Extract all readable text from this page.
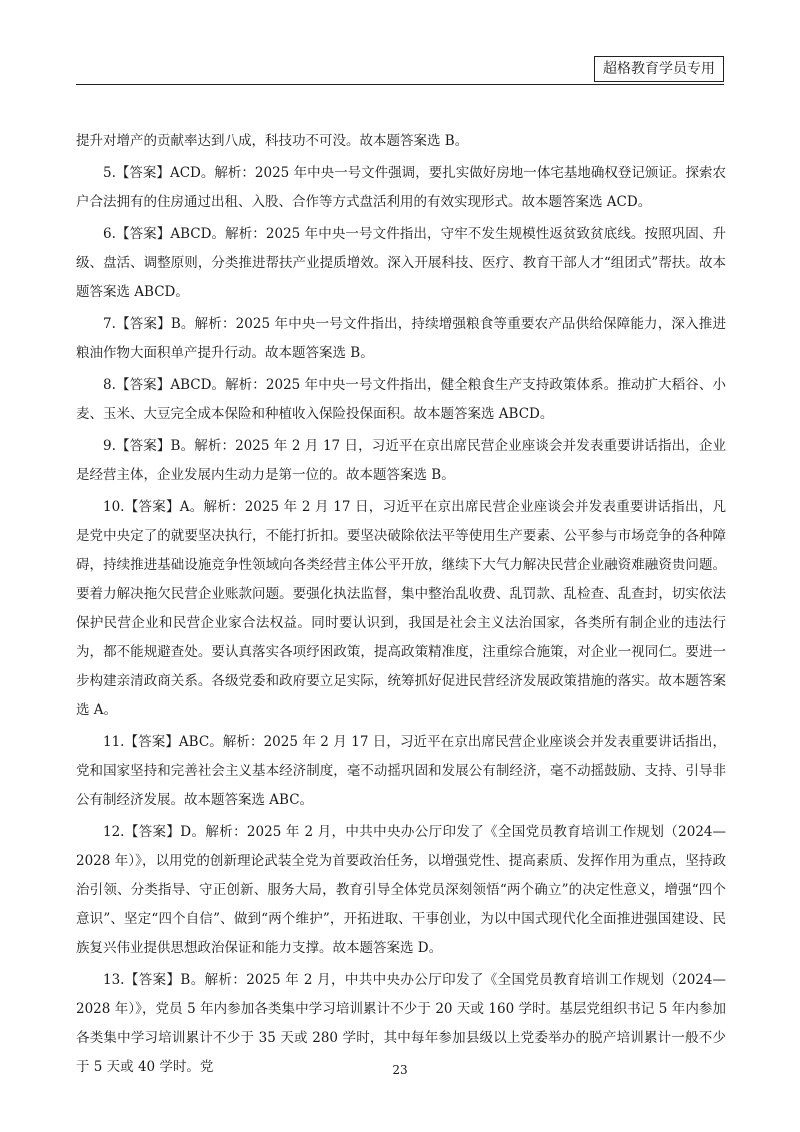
超格教育学员专用

提升对增产的贡献率达到八成，科技功不可没。故本题答案选 B。

5.【答案】ACD。解析：2025 年中央一号文件强调，要扎实做好房地一体宅基地确权登记颁证。探索农户合法拥有的住房通过出租、入股、合作等方式盘活利用的有效实现形式。故本题答案选 ACD。

6.【答案】ABCD。解析：2025 年中央一号文件指出，守牢不发生规模性返贫致贫底线。按照巩固、升级、盘活、调整原则，分类推进帮扶产业提质增效。深入开展科技、医疗、教育干部人才“组团式”帮扶。故本题答案选 ABCD。

7.【答案】B。解析：2025 年中央一号文件指出，持续增强粮食等重要农产品供给保障能力，深入推进粮油作物大面积单产提升行动。故本题答案选 B。

8.【答案】ABCD。解析：2025 年中央一号文件指出，健全粮食生产支持政策体系。推动扩大稻谷、小麦、玉米、大豆完全成本保险和种植收入保险投保面积。故本题答案选 ABCD。

9.【答案】B。解析：2025 年 2 月 17 日，习近平在京出席民营企业座谈会并发表重要讲话指出，企业是经营主体，企业发展内生动力是第一位的。故本题答案选 B。

10.【答案】A。解析：2025 年 2 月 17 日，习近平在京出席民营企业座谈会并发表重要讲话指出，凡是党中央定了的就要坚决执行，不能打折扣。要坚决破除依法平等使用生产要素、公平参与市场竞争的各种障碍，持续推进基础设施竞争性领域向各类经营主体公平开放，继续下大气力解决民营企业融资难融资贵问题。要着力解决拖欠民营企业账款问题。要强化执法监督，集中整治乱收费、乱罚款、乱检查、乱查封，切实依法保护民营企业和民营企业家合法权益。同时要认识到，我国是社会主义法治国家，各类所有制企业的违法行为，都不能规避查处。要认真落实各项纾困政策，提高政策精准度，注重综合施策，对企业一视同仁。要进一步构建亲清政商关系。各级党委和政府要立足实际，统筹抓好促进民营经济发展政策措施的落实。故本题答案选 A。

11.【答案】ABC。解析：2025 年 2 月 17 日，习近平在京出席民营企业座谈会并发表重要讲话指出，党和国家坚持和完善社会主义基本经济制度，毫不动摇巩固和发展公有制经济，毫不动摇鼓励、支持、引导非公有制经济发展。故本题答案选 ABC。

12.【答案】D。解析：2025 年 2 月，中共中央办公厅印发了《全国党员教育培训工作规划（2024—2028 年）》，以用党的创新理论武装全党为首要政治任务，以增强党性、提高素质、发挥作用为重点，坚持政治引领、分类指导、守正创新、服务大局，教育引导全体党员深刻领悟“两个确立”的决定性意义，增强“四个意识”、坚定“四个自信”、做到“两个维护”，开拓进取、干事创业，为以中国式现代化全面推进强国建设、民族复兴伟业提供思想政治保证和能力支撑。故本题答案选 D。

13.【答案】B。解析：2025 年 2 月，中共中央办公厅印发了《全国党员教育培训工作规划（2024—2028 年）》，党员 5 年内参加各类集中学习培训累计不少于 20 天或 160 学时。基层党组织书记 5 年内参加各类集中学习培训累计不少于 35 天或 280 学时，其中每年参加县级以上党委举办的脱产培训累计一般不少于 5 天或 40 学时。党	23
